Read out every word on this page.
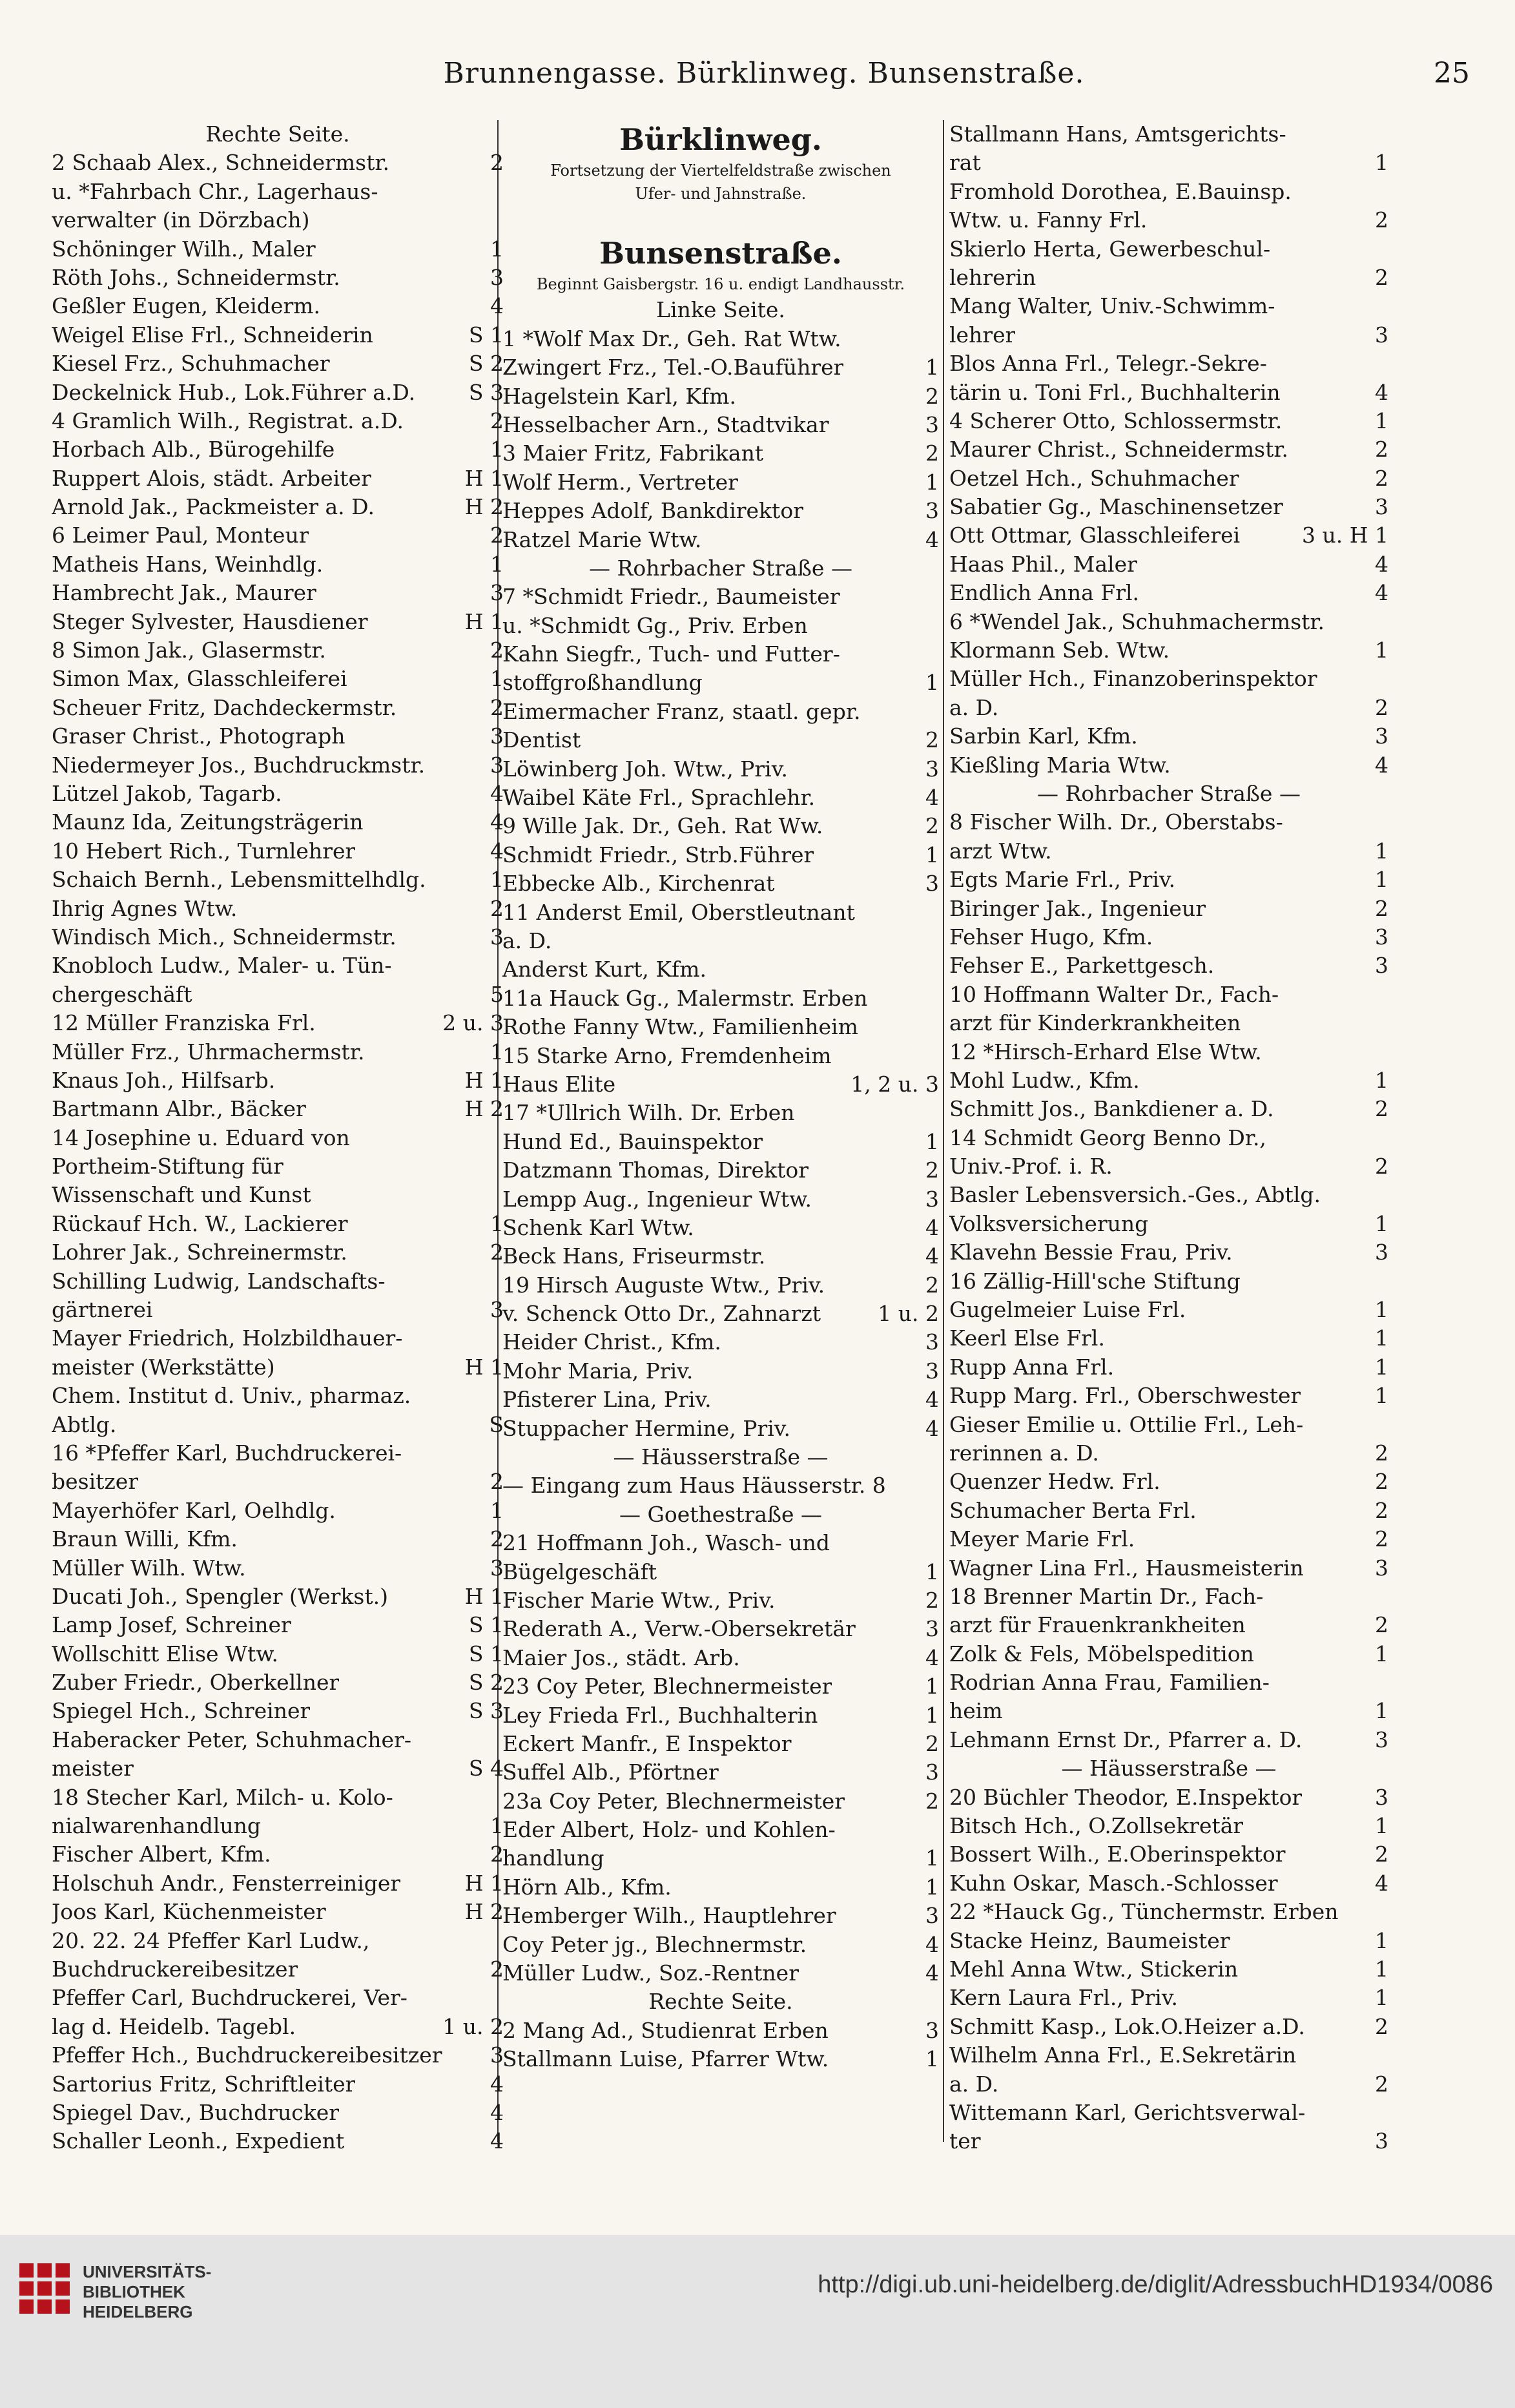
Brunnengasse. Bürklinweg. Bunsenstraße.	25
Rechte Seite.
2 Schaab Alex., Schneidermstr.	2
u. *Fahrbach Chr., Lagerhaus-
verwalter (in Dörzbach)
Schöninger Wilh., Maler	1
Röth Johs., Schneidermstr.	3
Geßler Eugen, Kleiderm.	4
Weigel Elise Frl., Schneiderin	S 1
Kiesel Frz., Schuhmacher	S 2
Deckelnick Hub., Lok.Führer a.D.	S 3
4 Gramlich Wilh., Registrat. a.D.	2
Horbach Alb., Bürogehilfe	1
Ruppert Alois, städt. Arbeiter	H 1
Arnold Jak., Packmeister a. D.	H 2
6 Leimer Paul, Monteur	2
Matheis Hans, Weinhdlg.	1
Hambrecht Jak., Maurer	3
Steger Sylvester, Hausdiener	H 1
8 Simon Jak., Glasermstr.	2
Simon Max, Glasschleiferei	1
Scheuer Fritz, Dachdeckermstr.	2
Graser Christ., Photograph	3
Niedermeyer Jos., Buchdruckmstr.	3
Lützel Jakob, Tagarb.	4
Maunz Ida, Zeitungsträgerin	4
10 Hebert Rich., Turnlehrer	4
Schaich Bernh., Lebensmittelhdlg.	1
Ihrig Agnes Wtw.	2
Windisch Mich., Schneidermstr.	3
Knobloch Ludw., Maler- u. Tün-
chergeschäft	5
12 Müller Franziska Frl.	2 u. 3
Müller Frz., Uhrmachermstr.	1
Knaus Joh., Hilfsarb.	H 1
Bartmann Albr., Bäcker	H 2
14 Josephine u. Eduard von
Portheim-Stiftung für
Wissenschaft und Kunst
Rückauf Hch. W., Lackierer	1
Lohrer Jak., Schreinermstr.	2
Schilling Ludwig, Landschafts-
gärtnerei	3
Mayer Friedrich, Holzbildhauer-
meister (Werkstätte)	H 1
Chem. Institut d. Univ., pharmaz.
Abtlg.	S
16 *Pfeffer Karl, Buchdruckerei-
besitzer	2
Mayerhöfer Karl, Oelhdlg.	1
Braun Willi, Kfm.	2
Müller Wilh. Wtw.	3
Ducati Joh., Spengler (Werkst.)	H 1
Lamp Josef, Schreiner	S 1
Wollschitt Elise Wtw.	S 1
Zuber Friedr., Oberkellner	S 2
Spiegel Hch., Schreiner	S 3
Haberacker Peter, Schuhmacher-
meister	S 4
18 Stecher Karl, Milch- u. Kolo-
nialwarenhandlung	1
Fischer Albert, Kfm.	2
Holschuh Andr., Fensterreiniger	H 1
Joos Karl, Küchenmeister	H 2
20. 22. 24 Pfeffer Karl Ludw.,
Buchdruckereibesitzer	2
Pfeffer Carl, Buchdruckerei, Ver-
lag d. Heidelb. Tagebl.	1 u. 2
Pfeffer Hch., Buchdruckereibesitzer 3
Sartorius Fritz, Schriftleiter	4
Spiegel Dav., Buchdrucker	4
Schaller Leonh., Expedient	4
Bürklinweg.
Fortsetzung der Viertelfeldstraße zwischen
Ufer- und Jahnstraße.
Bunsenstraße.
Beginnt Gaisbergstr. 16 u. endigt Landhausstr.
Linke Seite.
1 *Wolf Max Dr., Geh. Rat Wtw.
Zwingert Frz., Tel.-O.Bauführer	1
Hagelstein Karl, Kfm.	2
Hesselbacher Arn., Stadtvikar	3
3 Maier Fritz, Fabrikant	2
Wolf Herm., Vertreter	1
Heppes Adolf, Bankdirektor	3
Ratzel Marie Wtw.	4
— Rohrbacher Straße —
7 *Schmidt Friedr., Baumeister
u. *Schmidt Gg., Priv. Erben
Kahn Siegfr., Tuch- und Futter-
stoffgroßhandlung	1
Eimermacher Franz, staatl. gepr.
Dentist	2
Löwinberg Joh. Wtw., Priv.	3
Waibel Käte Frl., Sprachlehr.	4
9 Wille Jak. Dr., Geh. Rat Ww.	2
Schmidt Friedr., Strb.Führer	1
Ebbecke Alb., Kirchenrat	3
11 Anderst Emil, Oberstleutnant
a. D.
Anderst Kurt, Kfm.
11a Hauck Gg., Malermstr. Erben
Rothe Fanny Wtw., Familienheim
15 Starke Arno, Fremdenheim
Haus Elite	1, 2 u. 3
17 *Ullrich Wilh. Dr. Erben
Hund Ed., Bauinspektor	1
Datzmann Thomas, Direktor	2
Lempp Aug., Ingenieur Wtw.	3
Schenk Karl Wtw.	4
Beck Hans, Friseurmstr.	4
19 Hirsch Auguste Wtw., Priv.	2
v. Schenck Otto Dr., Zahnarzt	1 u. 2
Heider Christ., Kfm.	3
Mohr Maria, Priv.	3
Pfisterer Lina, Priv.	4
Stuppacher Hermine, Priv.	4
— Häusserstraße —
— Eingang zum Haus Häusserstr. 8
— Goethestraße —
21 Hoffmann Joh., Wasch- und
Bügelgeschäft	1
Fischer Marie Wtw., Priv.	2
Rederath A., Verw.-Obersekretär	3
Maier Jos., städt. Arb.	4
23 Coy Peter, Blechnermeister	1
Ley Frieda Frl., Buchhalterin	1
Eckert Manfr., E Inspektor	2
Suffel Alb., Pförtner	3
23a Coy Peter, Blechnermeister	2
Eder Albert, Holz- und Kohlen-
handlung	1
Hörn Alb., Kfm.	1
Hemberger Wilh., Hauptlehrer	3
Coy Peter jg., Blechnermstr.	4
Müller Ludw., Soz.-Rentner	4
Rechte Seite.
2 Mang Ad., Studienrat Erben	3
Stallmann Luise, Pfarrer Wtw.	1
Stallmann Hans, Amtsgerichts-
rat	1
Fromhold Dorothea, E.Bauinsp.
Wtw. u. Fanny Frl.	2
Skierlo Herta, Gewerbeschul-
lehrerin	2
Mang Walter, Univ.-Schwimm-
lehrer	3
Blos Anna Frl., Telegr.-Sekre-
tärin u. Toni Frl., Buchhalterin	4
4 Scherer Otto, Schlossermstr.	1
Maurer Christ., Schneidermstr.	2
Oetzel Hch., Schuhmacher	2
Sabatier Gg., Maschinensetzer	3
Ott Ottmar, Glasschleiferei	3 u. H 1
Haas Phil., Maler	4
Endlich Anna Frl.	4
6 *Wendel Jak., Schuhmachermstr.
Klormann Seb. Wtw.	1
Müller Hch., Finanzoberinspektor
a. D.	2
Sarbin Karl, Kfm.	3
Kießling Maria Wtw.	4
— Rohrbacher Straße —
8 Fischer Wilh. Dr., Oberstabs-
arzt Wtw.	1
Egts Marie Frl., Priv.	1
Biringer Jak., Ingenieur	2
Fehser Hugo, Kfm.	3
Fehser E., Parkettgesch.	3
10 Hoffmann Walter Dr., Fach-
arzt für Kinderkrankheiten
12 *Hirsch-Erhard Else Wtw.
Mohl Ludw., Kfm.	1
Schmitt Jos., Bankdiener a. D.	2
14 Schmidt Georg Benno Dr.,
Univ.-Prof. i. R.	2
Basler Lebensversich.-Ges., Abtlg.
Volksversicherung	1
Klavehn Bessie Frau, Priv.	3
16 Zällig-Hill'sche Stiftung
Gugelmeier Luise Frl.	1
Keerl Else Frl.	1
Rupp Anna Frl.	1
Rupp Marg. Frl., Oberschwester	1
Gieser Emilie u. Ottilie Frl., Leh-
rerinnen a. D.	2
Quenzer Hedw. Frl.	2
Schumacher Berta Frl.	2
Meyer Marie Frl.	2
Wagner Lina Frl., Hausmeisterin	3
18 Brenner Martin Dr., Fach-
arzt für Frauenkrankheiten	2
Zolk & Fels, Möbelspedition	1
Rodrian Anna Frau, Familien-
heim	1
Lehmann Ernst Dr., Pfarrer a. D.	3
— Häusserstraße —
20 Büchler Theodor, E.Inspektor	3
Bitsch Hch., O.Zollsekretär	1
Bossert Wilh., E.Oberinspektor	2
Kuhn Oskar, Masch.-Schlosser	4
22 *Hauck Gg., Tünchermstr. Erben
Stacke Heinz, Baumeister	1
Mehl Anna Wtw., Stickerin	1
Kern Laura Frl., Priv.	1
Schmitt Kasp., Lok.O.Heizer a.D.	2
Wilhelm Anna Frl., E.Sekretärin
a. D.	2
Wittemann Karl, Gerichtsverwal-
ter	3
UNIVERSITÄTS-
BIBLIOTHEK
HEIDELBERG
http://digi.ub.uni-heidelberg.de/diglit/AdressbuchHD1934/0086
